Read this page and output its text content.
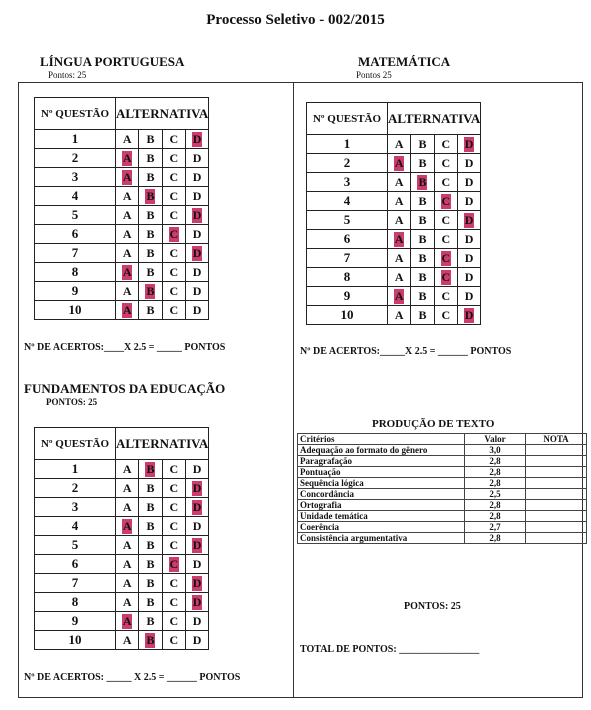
Processo Seletivo - 002/2015
LÍNGUA PORTUGUESA
Pontos: 25
MATEMÁTICA
Pontos 25
Nº QUESTÃO	ALTERNATIVA			
1	A	B	C	D
2	A	B	C	D
3	A	B	C	D
4	A	B	C	D
5	A	B	C	D
6	A	B	C	D
7	A	B	C	D
8	A	B	C	D
9	A	B	C	D
10	A	B	C	D
Nº QUESTÃO	ALTERNATIVA			
1	A	B	C	D
2	A	B	C	D
3	A	B	C	D
4	A	B	C	D
5	A	B	C	D
6	A	B	C	D
7	A	B	C	D
8	A	B	C	D
9	A	B	C	D
10	A	B	C	D
Nº DE ACERTOS:____X 2.5 = _____ PONTOS	Nº DE ACERTOS:_____X 2.5 = ______ PONTOS
FUNDAMENTOS DA EDUCAÇÃO
PONTOS: 25
Nº QUESTÃO	ALTERNATIVA			
1	A	B	C	D
2	A	B	C	D
3	A	B	C	D
4	A	B	C	D
5	A	B	C	D
6	A	B	C	D
7	A	B	C	D
8	A	B	C	D
9	A	B	C	D
10	A	B	C	D
Nº DE ACERTOS: _____ X 2.5 = ______ PONTOS
PRODUÇÃO DE TEXTO
Critérios	Valor	NOTA
Adequação ao formato do gênero	3,0	
Paragrafação	2,8	
Pontuação	2,8	
Sequência lógica	2,8	
Concordância	2,5	
Ortografia	2,8	
Unidade temática	2,8	
Coerência	2,7	
Consistência argumentativa	2,8	
PONTOS: 25
TOTAL DE PONTOS: ________________
